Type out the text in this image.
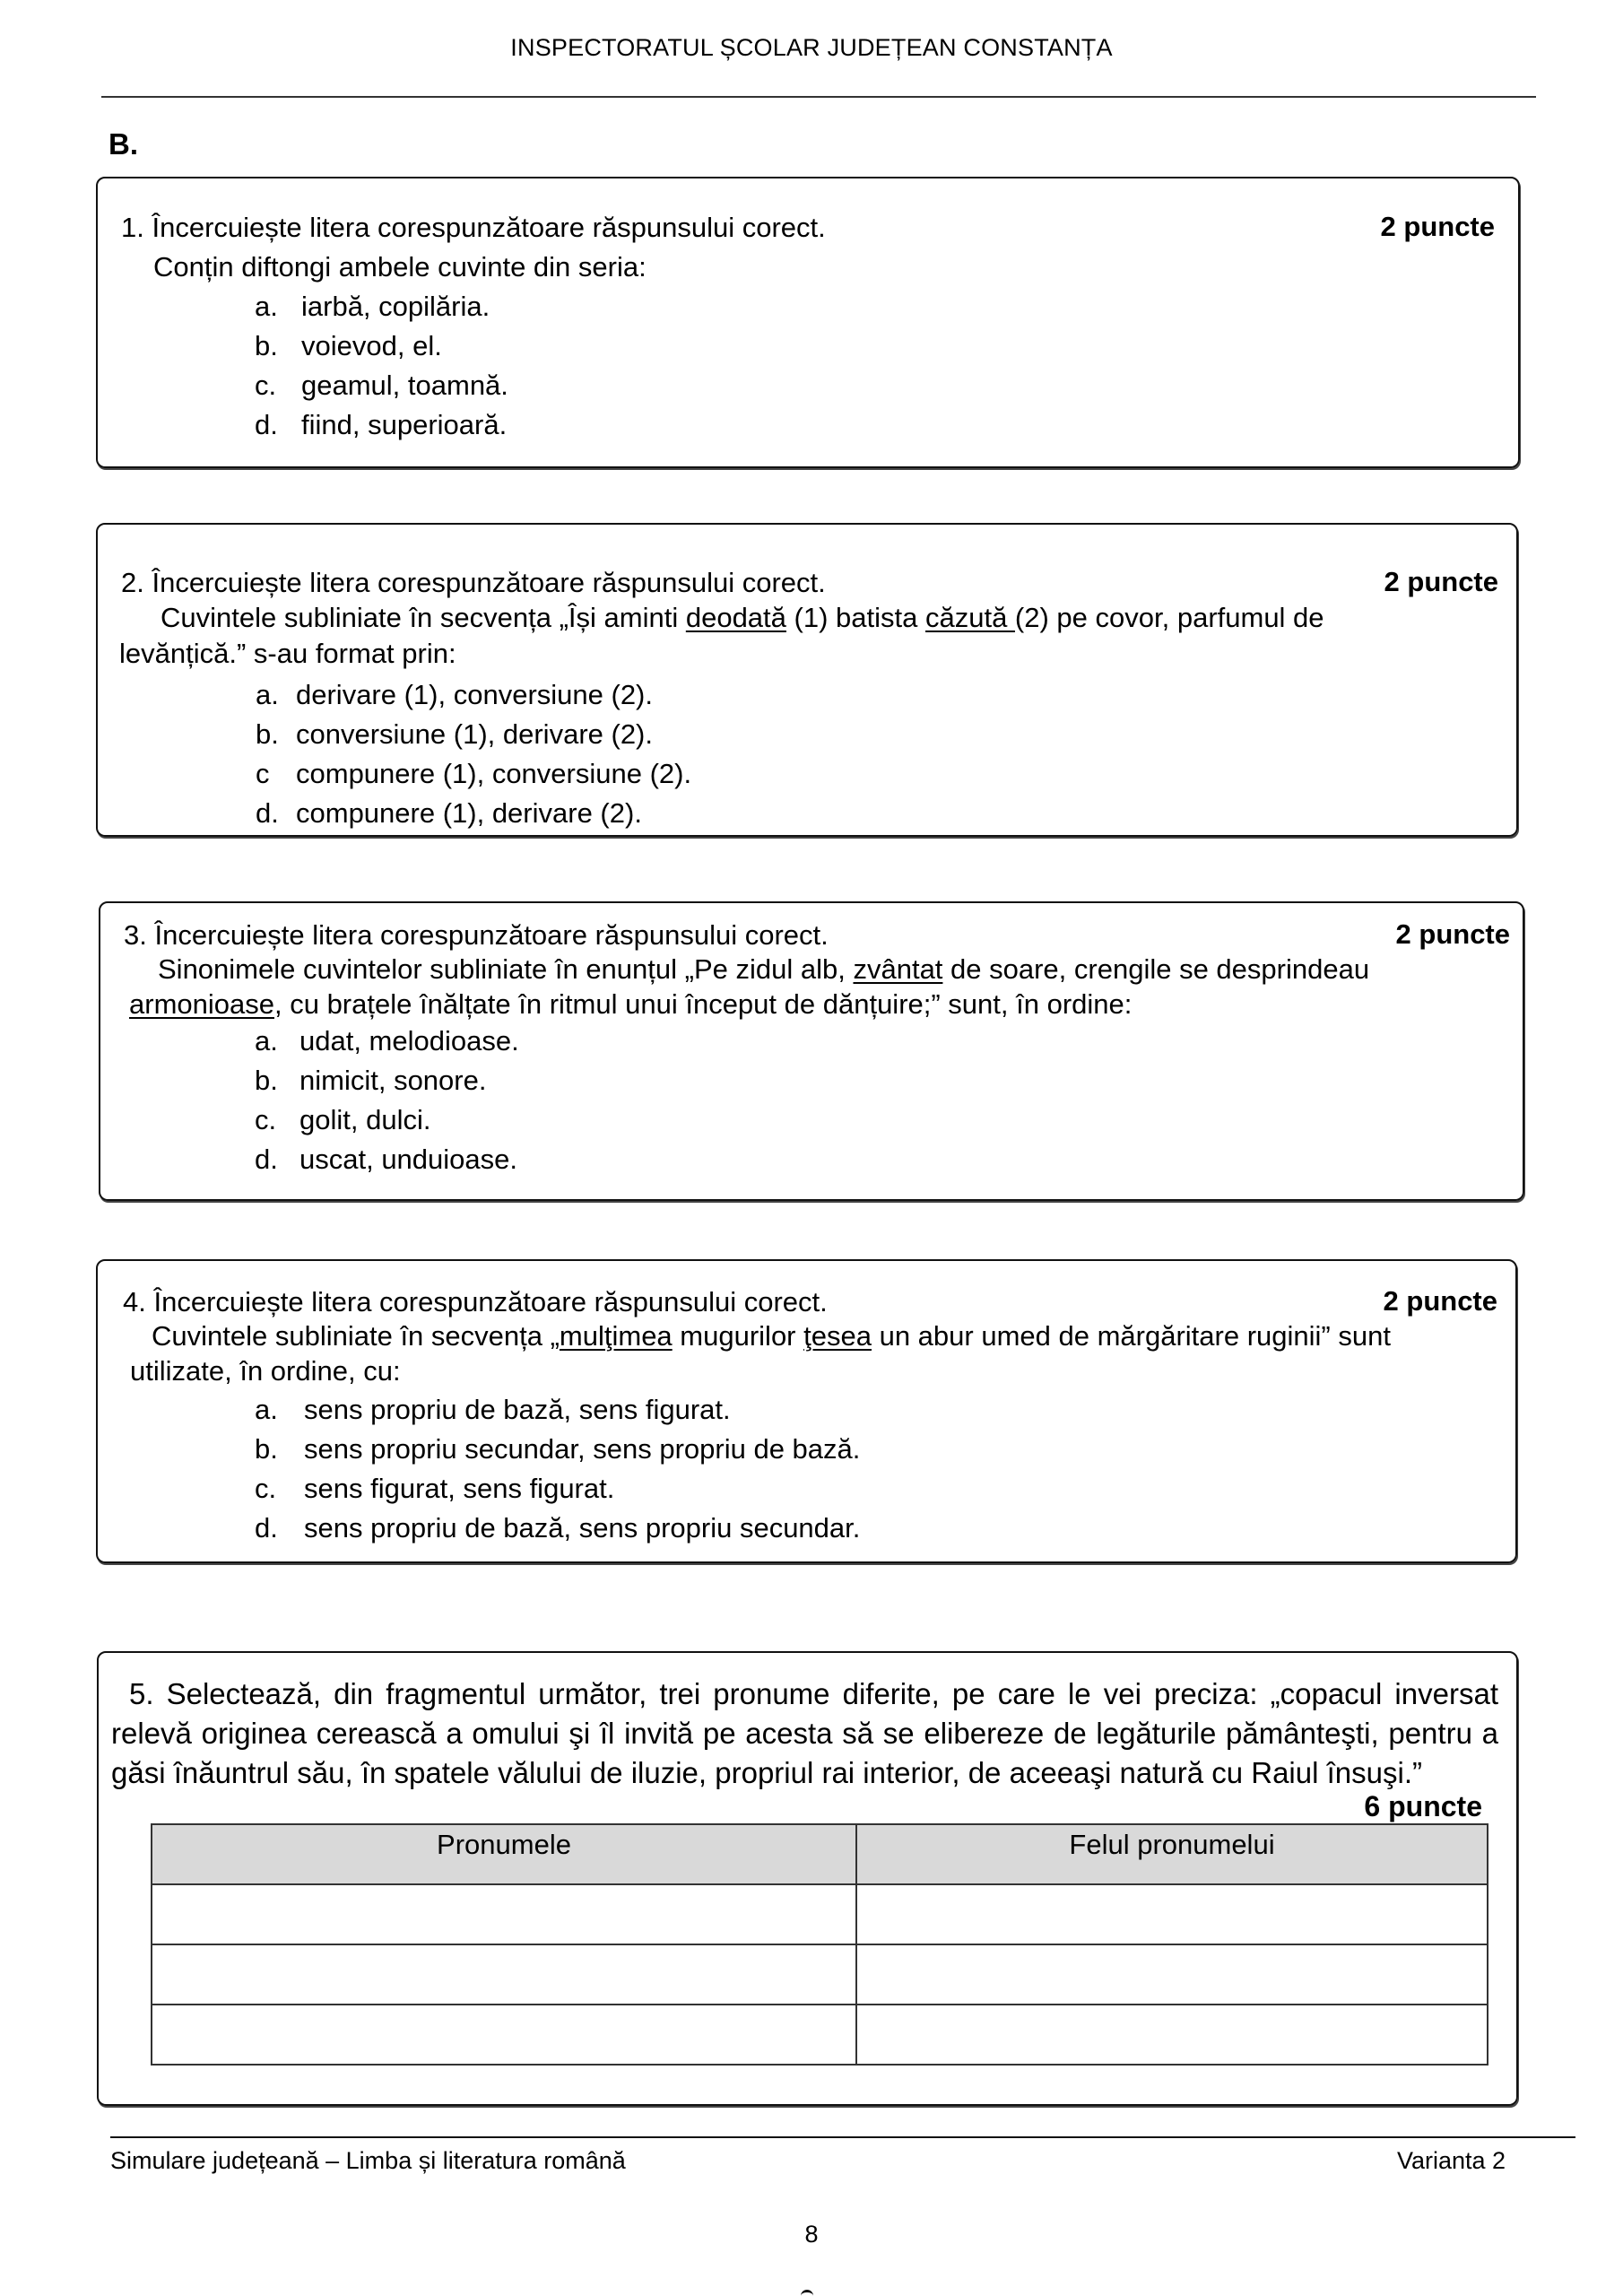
INSPECTORATUL ȘCOLAR JUDEȚEAN CONSTANȚA
B.
1. Încercuiește litera corespunzătoare răspunsului corect.	2 puncte
Conțin diftongi ambele cuvinte din seria:
a. iarbă, copilăria.
b. voievod, el.
c. geamul, toamnă.
d. fiind, superioară.
2. Încercuiește litera corespunzătoare răspunsului corect.	2 puncte
Cuvintele subliniate în secvența „Își aminti deodată (1) batista căzută (2) pe covor, parfumul de
levănțică.” s-au format prin:
a. derivare (1), conversiune (2).
b. conversiune (1), derivare (2).
c compunere (1), conversiune (2).
d. compunere (1), derivare (2).
3. Încercuiește litera corespunzătoare răspunsului corect.	2 puncte
Sinonimele cuvintelor subliniate în enunțul „Pe zidul alb, zvântat de soare, crengile se desprindeau
armonioase, cu brațele înălțate în ritmul unui început de dănțuire;” sunt, în ordine:
a. udat, melodioase.
b. nimicit, sonore.
c. golit, dulci.
d. uscat, unduioase.
4. Încercuiește litera corespunzătoare răspunsului corect.	2 puncte
Cuvintele subliniate în secvența „mulţimea mugurilor ţesea un abur umed de mărgăritare ruginii” sunt
utilizate, în ordine, cu:
a. sens propriu de bază, sens figurat.
b. sens propriu secundar, sens propriu de bază.
c. sens figurat, sens figurat.
d. sens propriu de bază, sens propriu secundar.
5. Selectează, din fragmentul următor, trei pronume diferite, pe care le vei preciza: „copacul inversat relevă originea cerească a omului şi îl invită pe acesta să se elibereze de legăturile pământeşti, pentru a găsi înăuntrul său, în spatele vălului de iluzie, propriul rai interior, de aceeaşi natură cu Raiul însuşi.”
6 puncte
Pronumele	Felul pronumelui

Simulare județeană – Limba și literatura română	Varianta 2
8
